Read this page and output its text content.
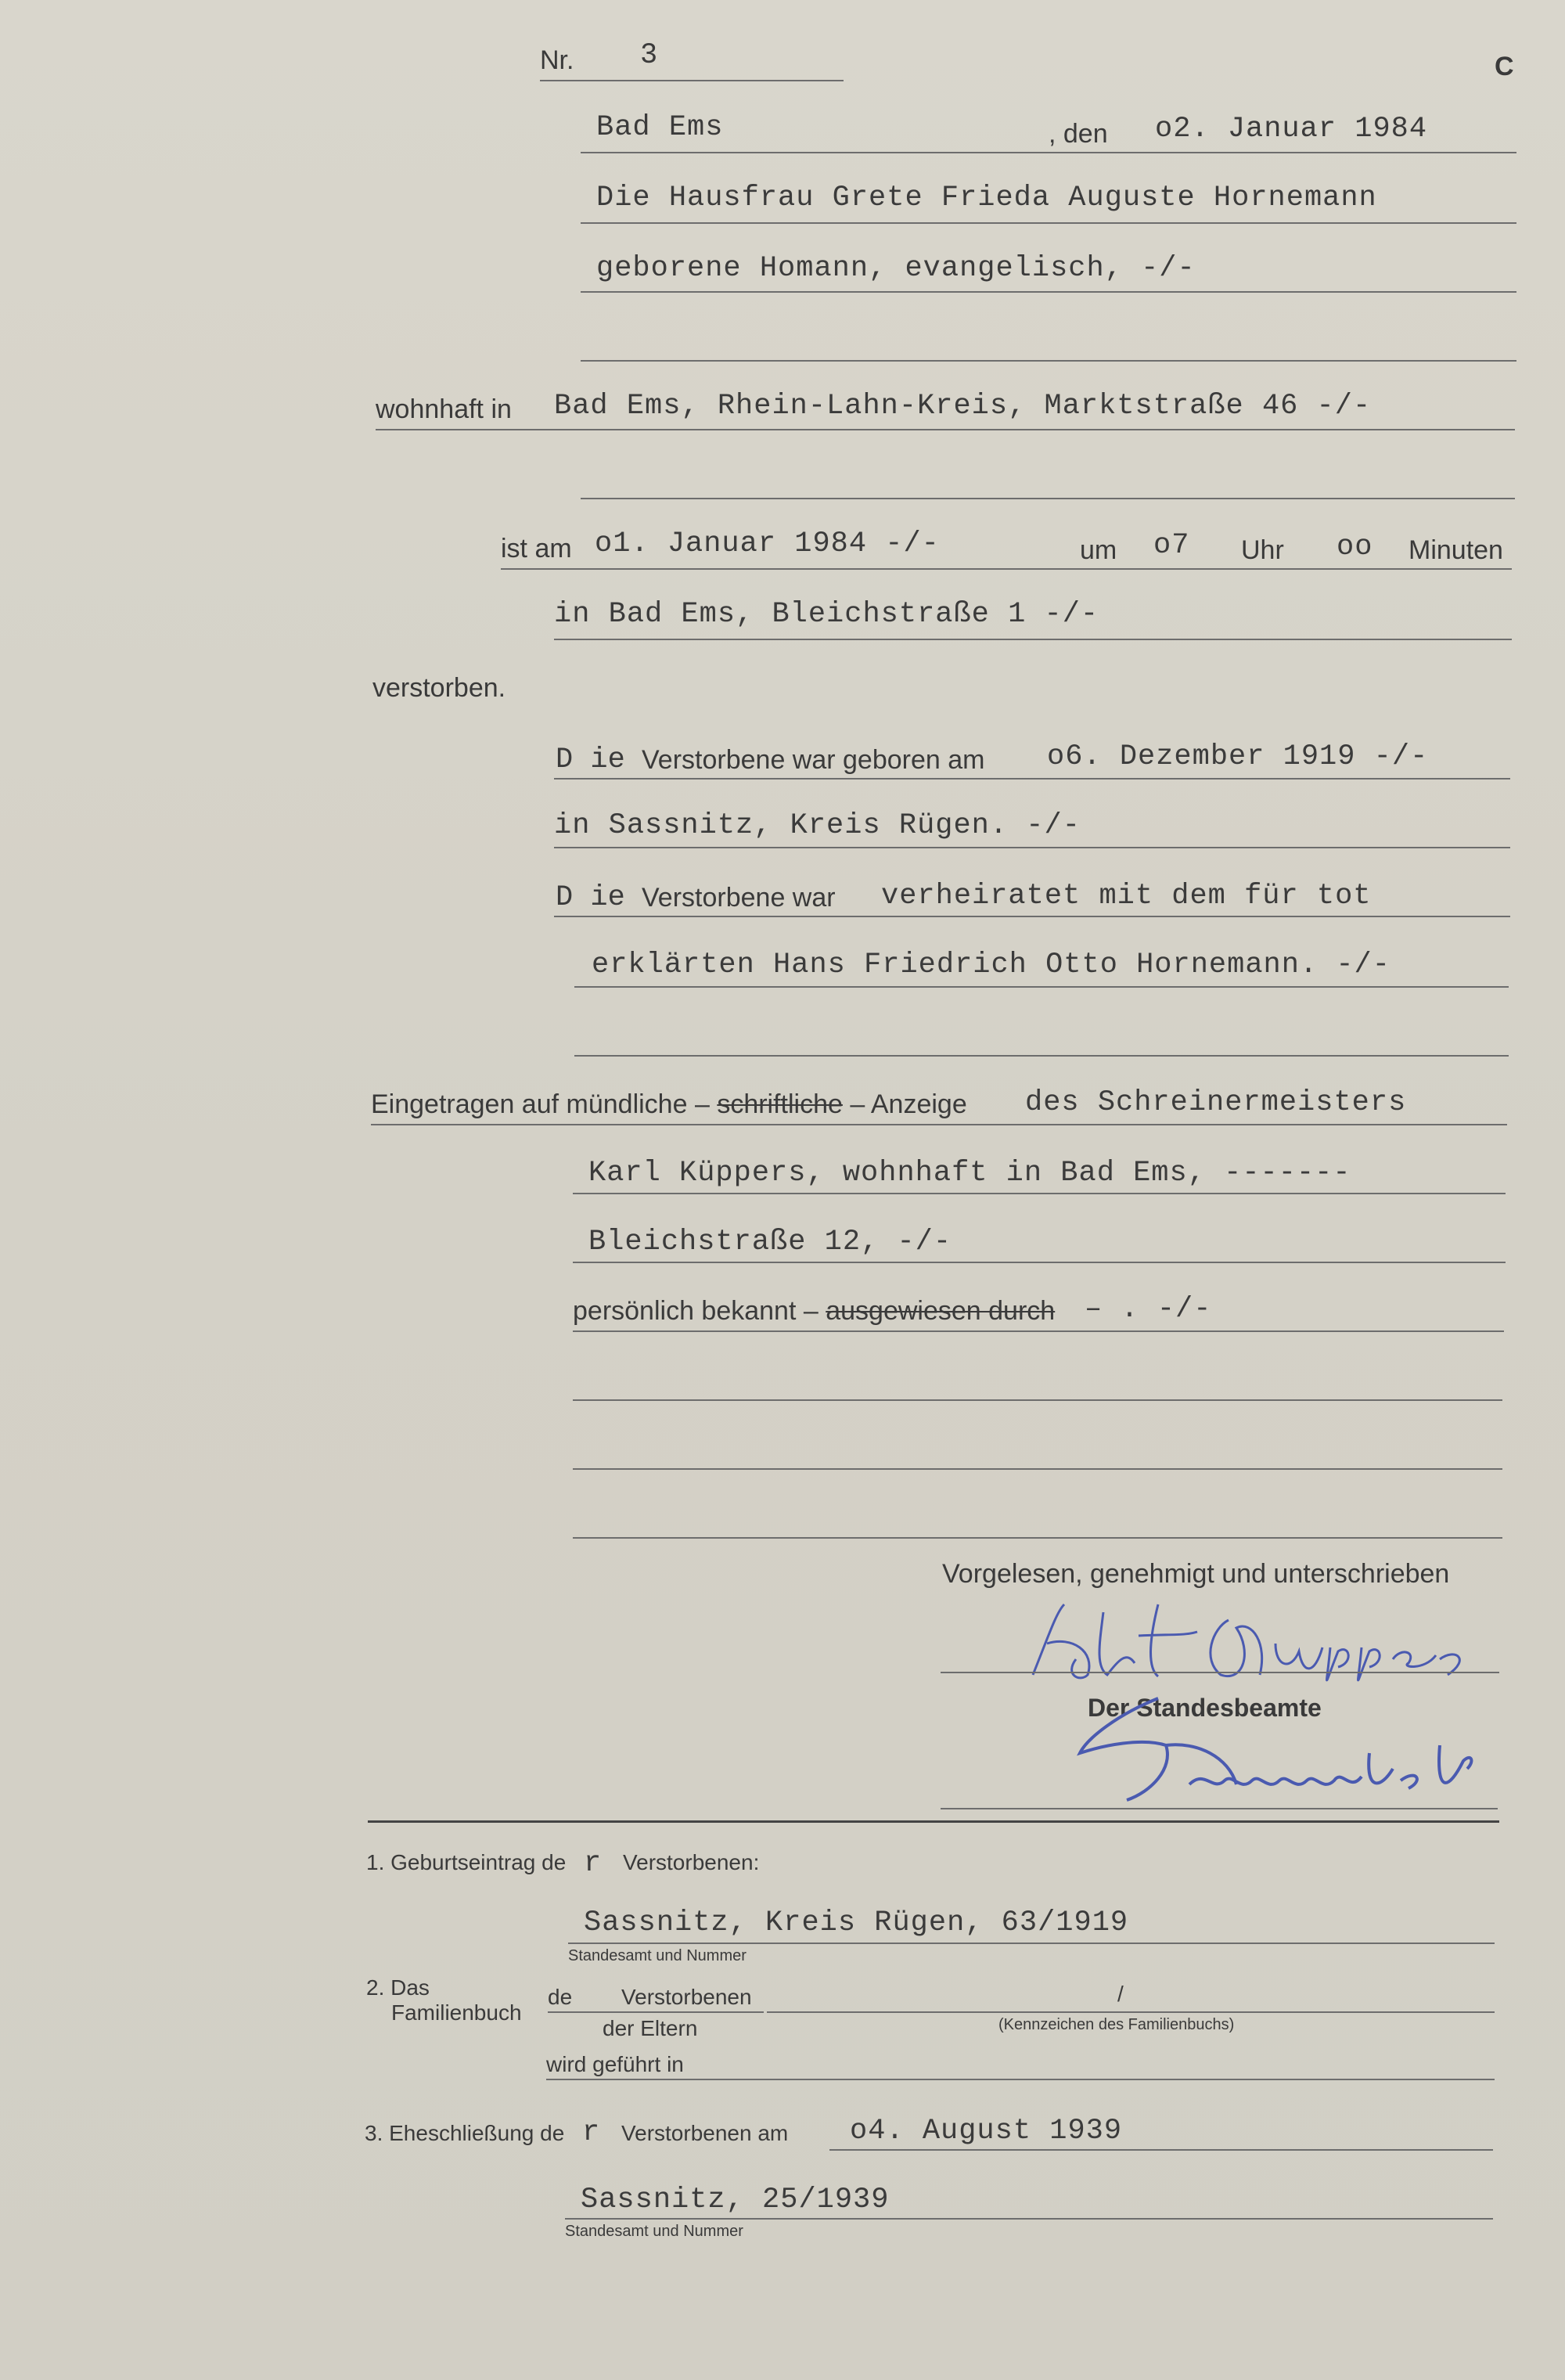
Nr. 3	C
Bad Ems	, den o2. Januar 1984
Die Hausfrau Grete Frieda Auguste Hornemann
geborene Homann, evangelisch, -/-
wohnhaft in Bad Ems, Rhein-Lahn-Kreis, Marktstraße 46 -/-
ist am o1. Januar 1984 -/-	um o7 Uhr oo Minuten
in Bad Ems, Bleichstraße 1 -/-
verstorben.
D ie Verstorbene war geboren am o6. Dezember 1919 -/-
in Sassnitz, Kreis Rügen. -/-
D ie Verstorbene war verheiratet mit dem für tot
erklärten Hans Friedrich Otto Hornemann. -/-
Eingetragen auf mündliche – schriftliche – Anzeige des Schreinermeisters
Karl Küppers, wohnhaft in Bad Ems, -------
Bleichstraße 12, -/-
persönlich bekannt – ausgewiesen durch – . -/-
Vorgelesen, genehmigt und unterschrieben
Der Standesbeamte
1. Geburtseintrag de r Verstorbenen:
Sassnitz, Kreis Rügen, 63/1919
Standesamt und Nummer
2. Das
Familienbuch
de Verstorbenen	/
der Eltern	(Kennzeichen des Familienbuchs)
wird geführt in
3. Eheschließung de r Verstorbenen am o4. August 1939
Sassnitz, 25/1939
Standesamt und Nummer
